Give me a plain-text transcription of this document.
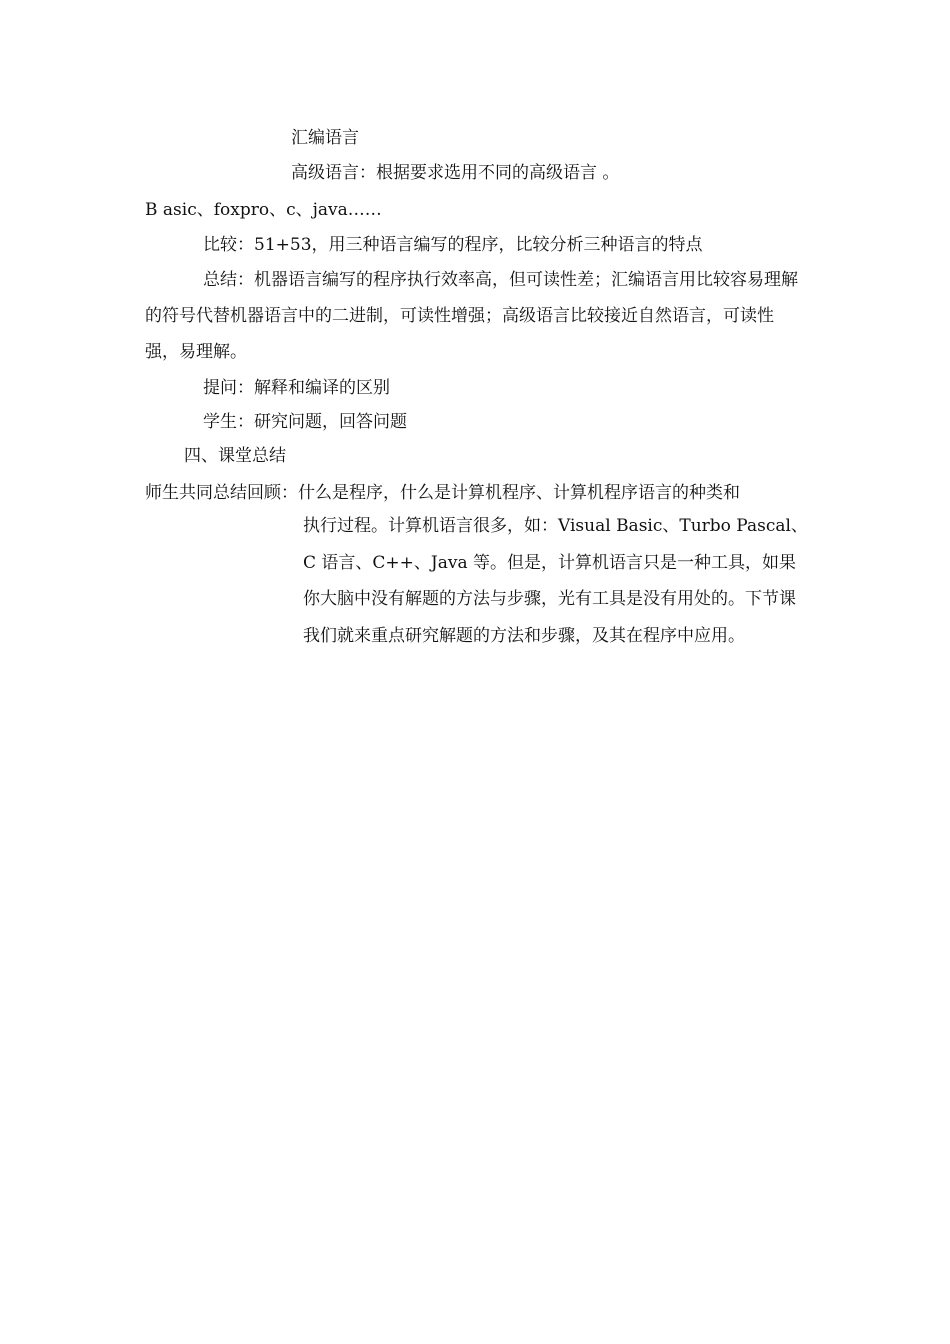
汇编语言
高级语言：根据要求选用不同的高级语言 。
B asic、foxpro、c、java……
比较：51+53，用三种语言编写的程序，比较分析三种语言的特点
总结：机器语言编写的程序执行效率高，但可读性差；汇编语言用比较容易理解的符号代替机器语言中的二进制，可读性增强；高级语言比较接近自然语言，可读性强，易理解。
提问：解释和编译的区别
学生：研究问题，回答问题
四、课堂总结
师生共同总结回顾：什么是程序，什么是计算机程序、计算机程序语言的种类和
执行过程。计算机语言很多，如：Visual Basic、Turbo Pascal、C 语言、C++、Java 等。但是，计算机语言只是一种工具，如果你大脑中没有解题的方法与步骤，光有工具是没有用处的。下节课我们就来重点研究解题的方法和步骤，及其在程序中应用。
